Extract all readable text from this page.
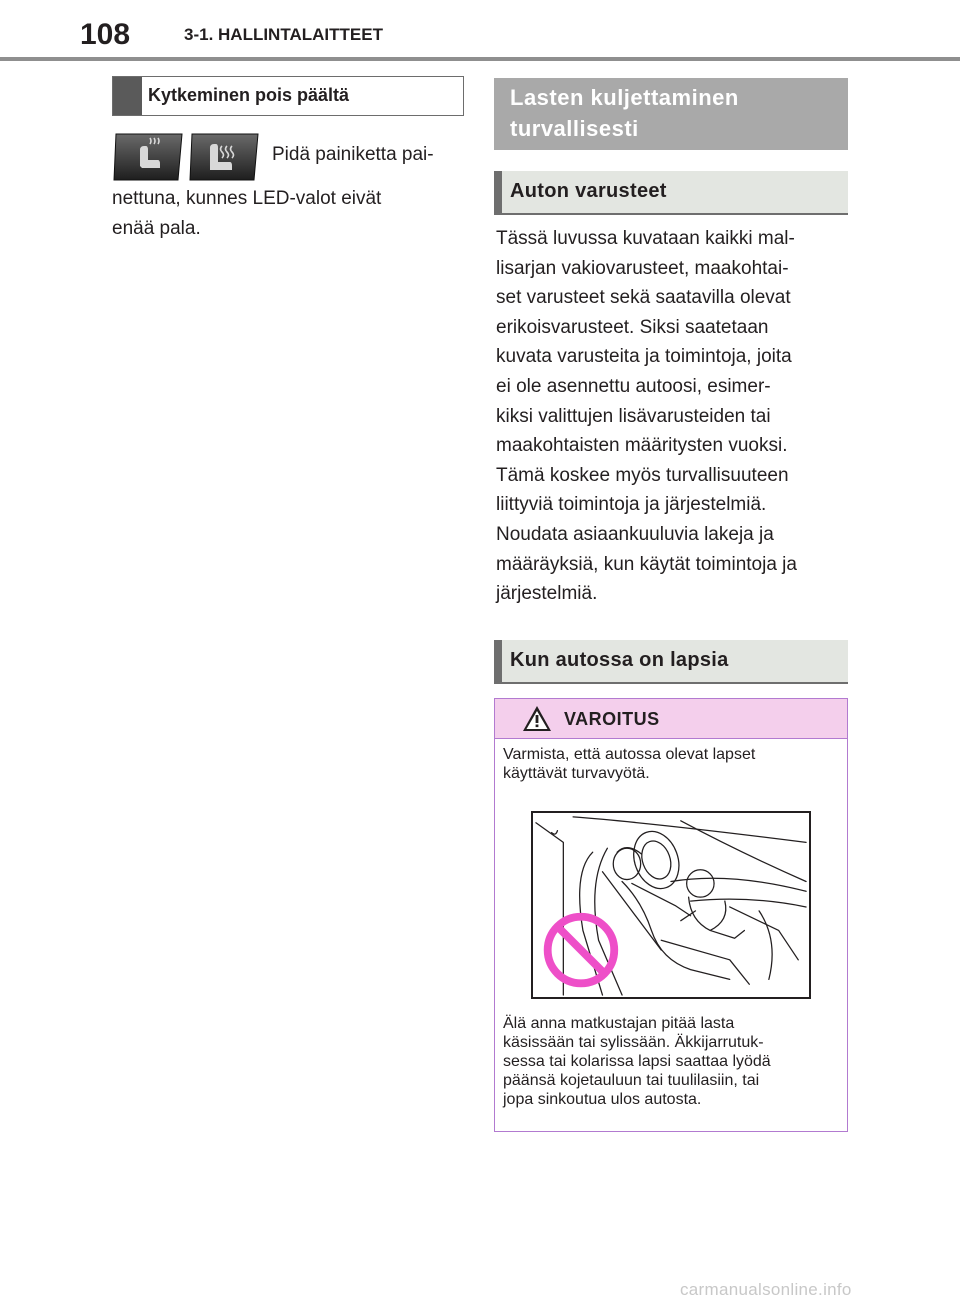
108	3-1. HALLINTALAITTEET
Kytkeminen pois päältä
Pidä painiketta pai-
nettuna, kunnes LED-valot eivät
enää pala.
Lasten kuljettaminen
turvallisesti
Auton varusteet

Tässä luvussa kuvataan kaikki mal-

lisarjan vakiovarusteet, maakohtai-

set varusteet sekä saatavilla olevat

erikoisvarusteet. Siksi saatetaan

kuvata varusteita ja toimintoja, joita

ei ole asennettu autoosi, esimer-

kiksi valittujen lisävarusteiden tai

maakohtaisten määritysten vuoksi.

Tämä koskee myös turvallisuuteen

liittyviä toimintoja ja järjestelmiä.

Noudata asiaankuuluvia lakeja ja

määräyksiä, kun käytät toimintoja ja

järjestelmiä.

Kun autossa on lapsia
VAROITUS
Varmista, että autossa olevat lapset
käyttävät turvavyötä.
Älä anna matkustajan pitää lasta
käsissään tai sylissään. Äkkijarrutuk-
sessa tai kolarissa lapsi saattaa lyödä
päänsä kojetauluun tai tuulilasiin, tai
jopa sinkoutua ulos autosta.
carmanualsonline.info
